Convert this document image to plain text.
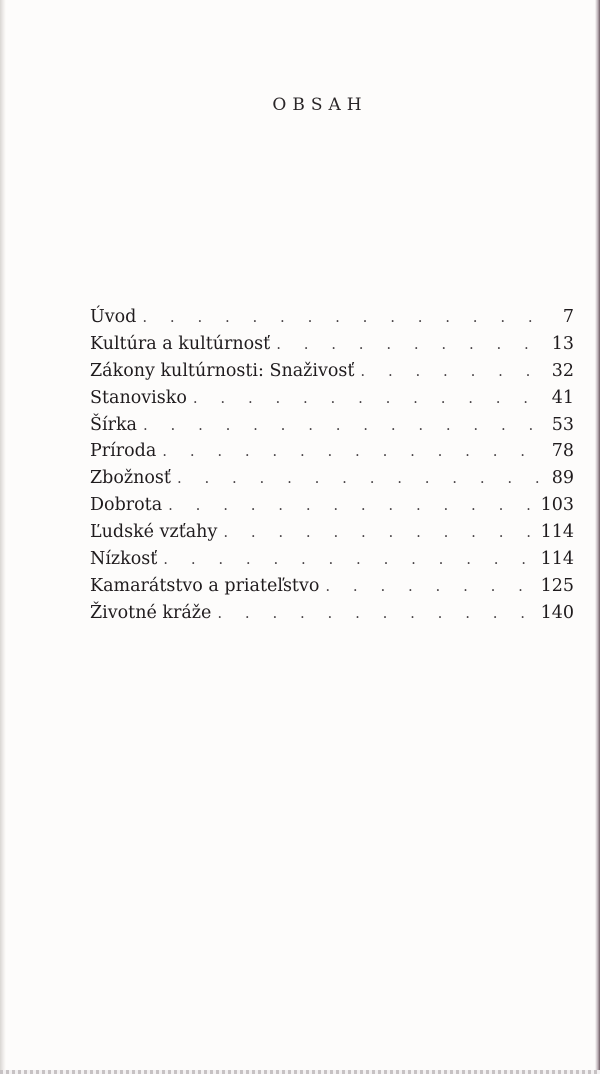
OBSAH
Úvod . . .	7
Kultúra a kultúrnosť . . .	13
Zákony kultúrnosti: Snaživosť . . .	32
Stanovisko . . .	41
Šírka . . .	53
Príroda . . .	78
Zbožnosť . . .	89
Dobrota . . .	103
Ľudské vzťahy . . .	114
Nízkosť . . .	114
Kamarátstvo a priateľstvo . . .	125
Životné kráže . . .	140
